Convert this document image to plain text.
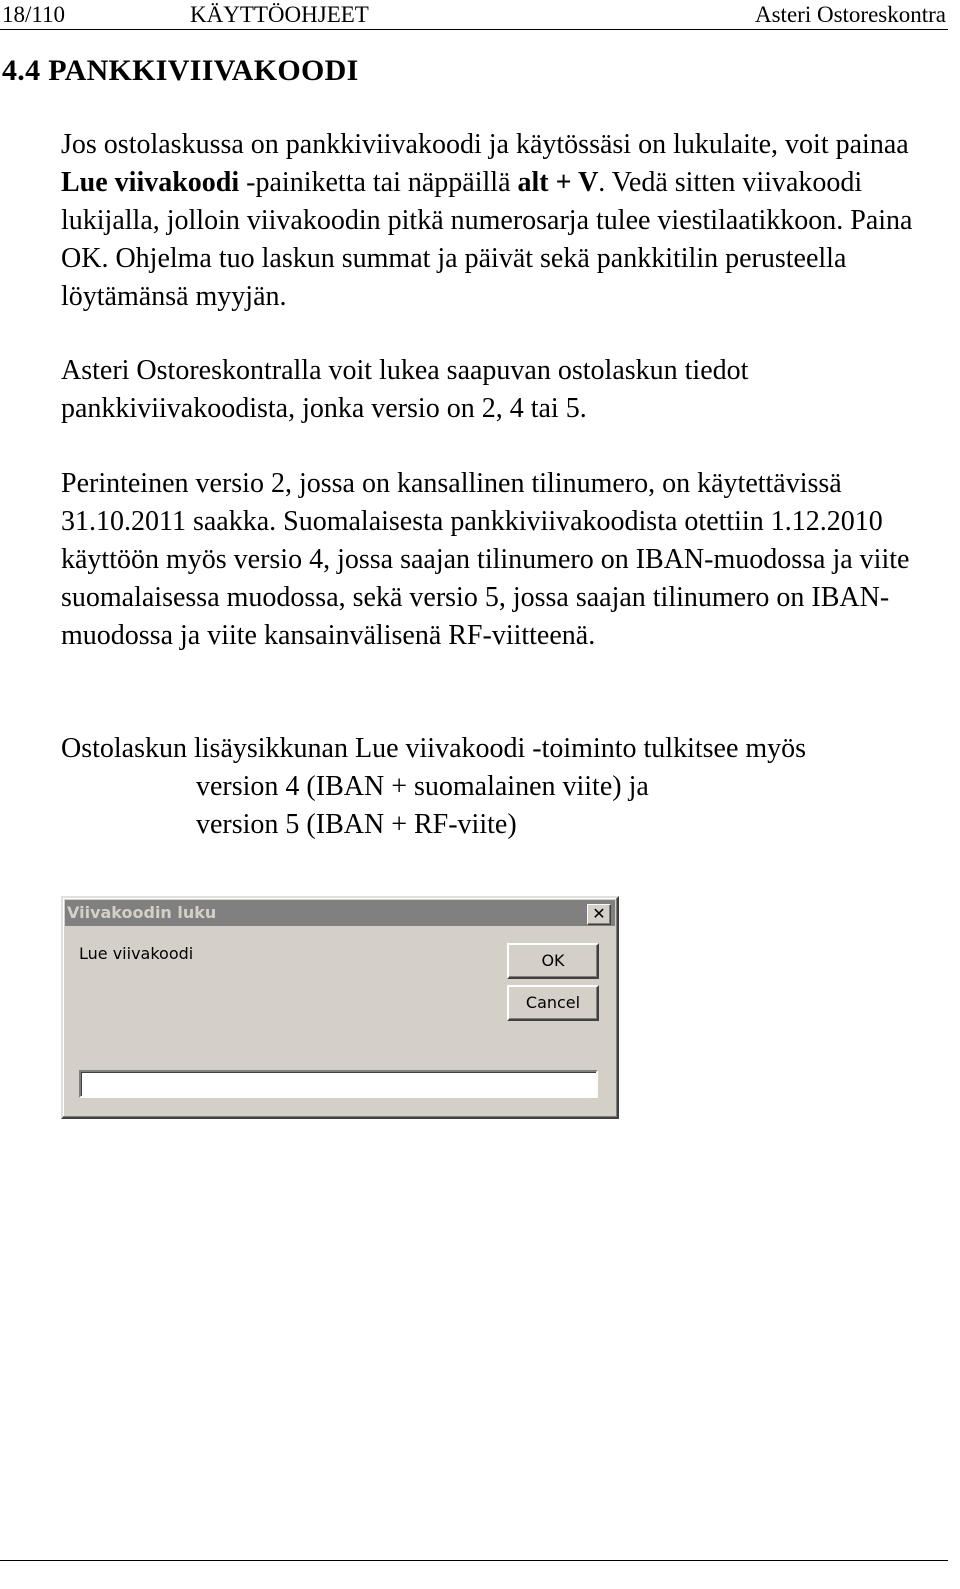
18/110	KÄYTTÖOHJEET	Asteri Ostoreskontra
4.4 PANKKIVIIVAKOODI

Jos ostolaskussa on pankkiviivakoodi ja käytössäsi on lukulaite, voit painaa Lue viivakoodi -painiketta tai näppäillä alt + V. Vedä sitten viivakoodi lukijalla, jolloin viivakoodin pitkä numerosarja tulee viestilaatikkoon. Paina OK. Ohjelma tuo laskun summat ja päivät sekä pankkitilin perusteella löytämänsä myyjän.

Asteri Ostoreskontralla voit lukea saapuvan ostolaskun tiedot pankkiviivakoodista, jonka versio on 2, 4 tai 5.

Perinteinen versio 2, jossa on kansallinen tilinumero, on käytettävissä 31.10.2011 saakka. Suomalaisesta pankkiviivakoodista otettiin 1.12.2010 käyttöön myös versio 4, jossa saajan tilinumero on IBAN-muodossa ja viite suomalaisessa muodossa, sekä versio 5, jossa saajan tilinumero on IBAN-muodossa ja viite kansainvälisenä RF-viitteenä.

Ostolaskun lisäysikkunan Lue viivakoodi -toiminto tulkitsee myös
version 4 (IBAN + suomalainen viite) ja
version 5 (IBAN + RF-viite)

Viivakoodin luku	✕
Lue viivakoodi	OK
Cancel
